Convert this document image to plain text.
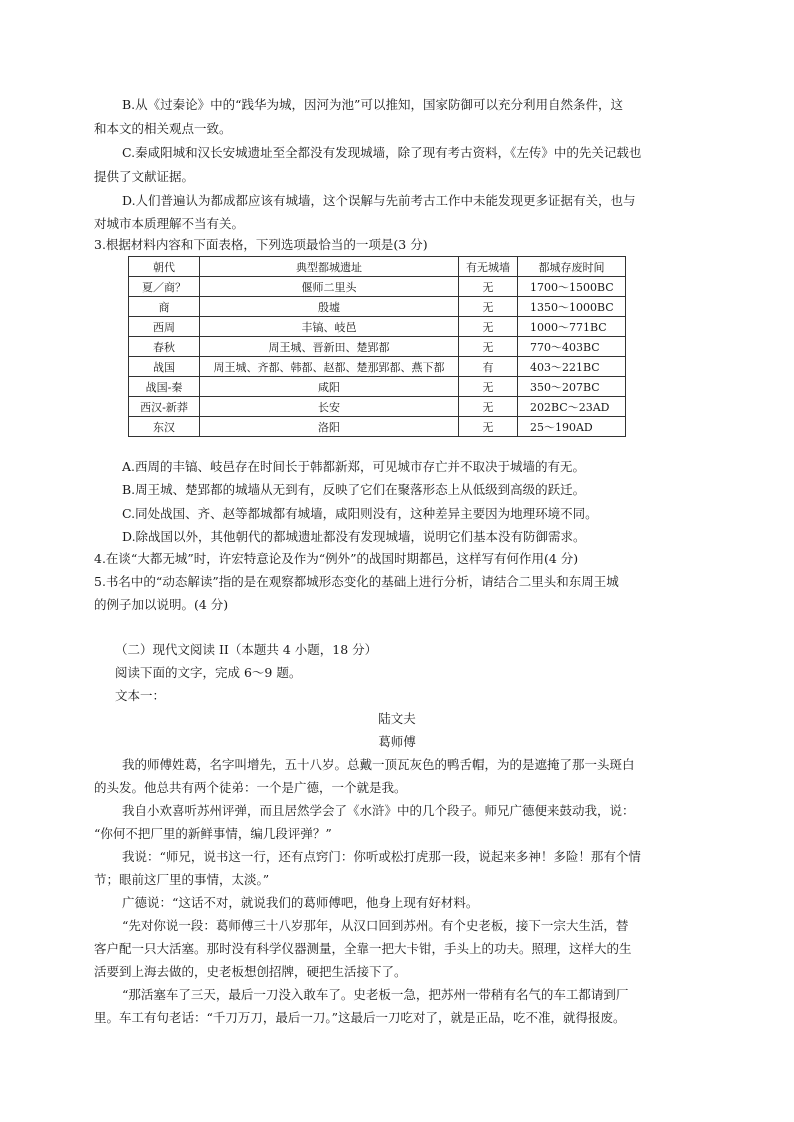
B.从《过秦论》中的“践华为城，因河为池”可以推知，国家防御可以充分利用自然条件，这
和本文的相关观点一致。
C.秦咸阳城和汉长安城遗址至全都没有发现城墙，除了现有考古资料，《左传》中的先关记载也
提供了文献证据。
D.人们普遍认为都成都应该有城墙，这个误解与先前考古工作中未能发现更多证据有关，也与
对城市本质理解不当有关。
3.根据材料内容和下面表格，下列选项最恰当的一项是(3 分)
朝代	典型都城遗址	有无城墙	都城存废时间
夏／商？	偃师二里头	无	1700～1500BC
商	殷墟	无	1350～1000BC
西周	丰镐、岐邑	无	1000～771BC
春秋	周王城、晋新田、楚郢都	无	770～403BC
战国	周王城、齐都、韩都、赵都、楚那郢都、燕下都	有	403～221BC
战国-秦	咸阳	无	350～207BC
西汉-新莽	长安	无	202BC～23AD
东汉	洛阳	无	25～190AD
A.西周的丰镐、岐邑存在时间长于韩都新郑，可见城市存亡并不取决于城墙的有无。
B.周王城、楚郢都的城墙从无到有，反映了它们在聚落形态上从低级到高级的跃迁。
C.同处战国、齐、赵等都城都有城墙，咸阳则没有，这种差异主要因为地理环境不同。
D.除战国以外，其他朝代的都城遗址都没有发现城墙，说明它们基本没有防御需求。
4.在谈“大都无城”时，许宏特意论及作为“例外”的战国时期都邑，这样写有何作用(4 分)
5.书名中的“动态解读”指的是在观察都城形态变化的基础上进行分析，请结合二里头和东周王城
的例子加以说明。(4 分)
（二）现代文阅读 II（本题共 4 小题，18 分）
阅读下面的文字，完成 6～9 题。
文本一：
陆文夫
葛师傅
我的师傅姓葛，名字叫增先，五十八岁。总戴一顶瓦灰色的鸭舌帽，为的是遮掩了那一头斑白
的头发。他总共有两个徒弟：一个是广德，一个就是我。
我自小欢喜听苏州评弹，而且居然学会了《水浒》中的几个段子。师兄广德便来鼓动我，说：
“你何不把厂里的新鲜事情，编几段评弹？”
我说：“师兄，说书这一行，还有点窍门：你听或松打虎那一段，说起来多神！多险！那有个情
节；眼前这厂里的事情，太淡。”
广德说：“这话不对，就说我们的葛师傅吧，他身上现有好材料。
“先对你说一段：葛师傅三十八岁那年，从汉口回到苏州。有个史老板，接下一宗大生活，替
客户配一只大活塞。那时没有科学仪器测量，全靠一把大卡钳，手头上的功夫。照理，这样大的生
活要到上海去做的，史老板想创招牌，硬把生活接下了。
“那活塞车了三天，最后一刀没入敢车了。史老板一急，把苏州一带稍有名气的车工都请到厂
里。车工有句老话：“千刀万刀，最后一刀。”这最后一刀吃对了，就是正品，吃不准，就得报废。
